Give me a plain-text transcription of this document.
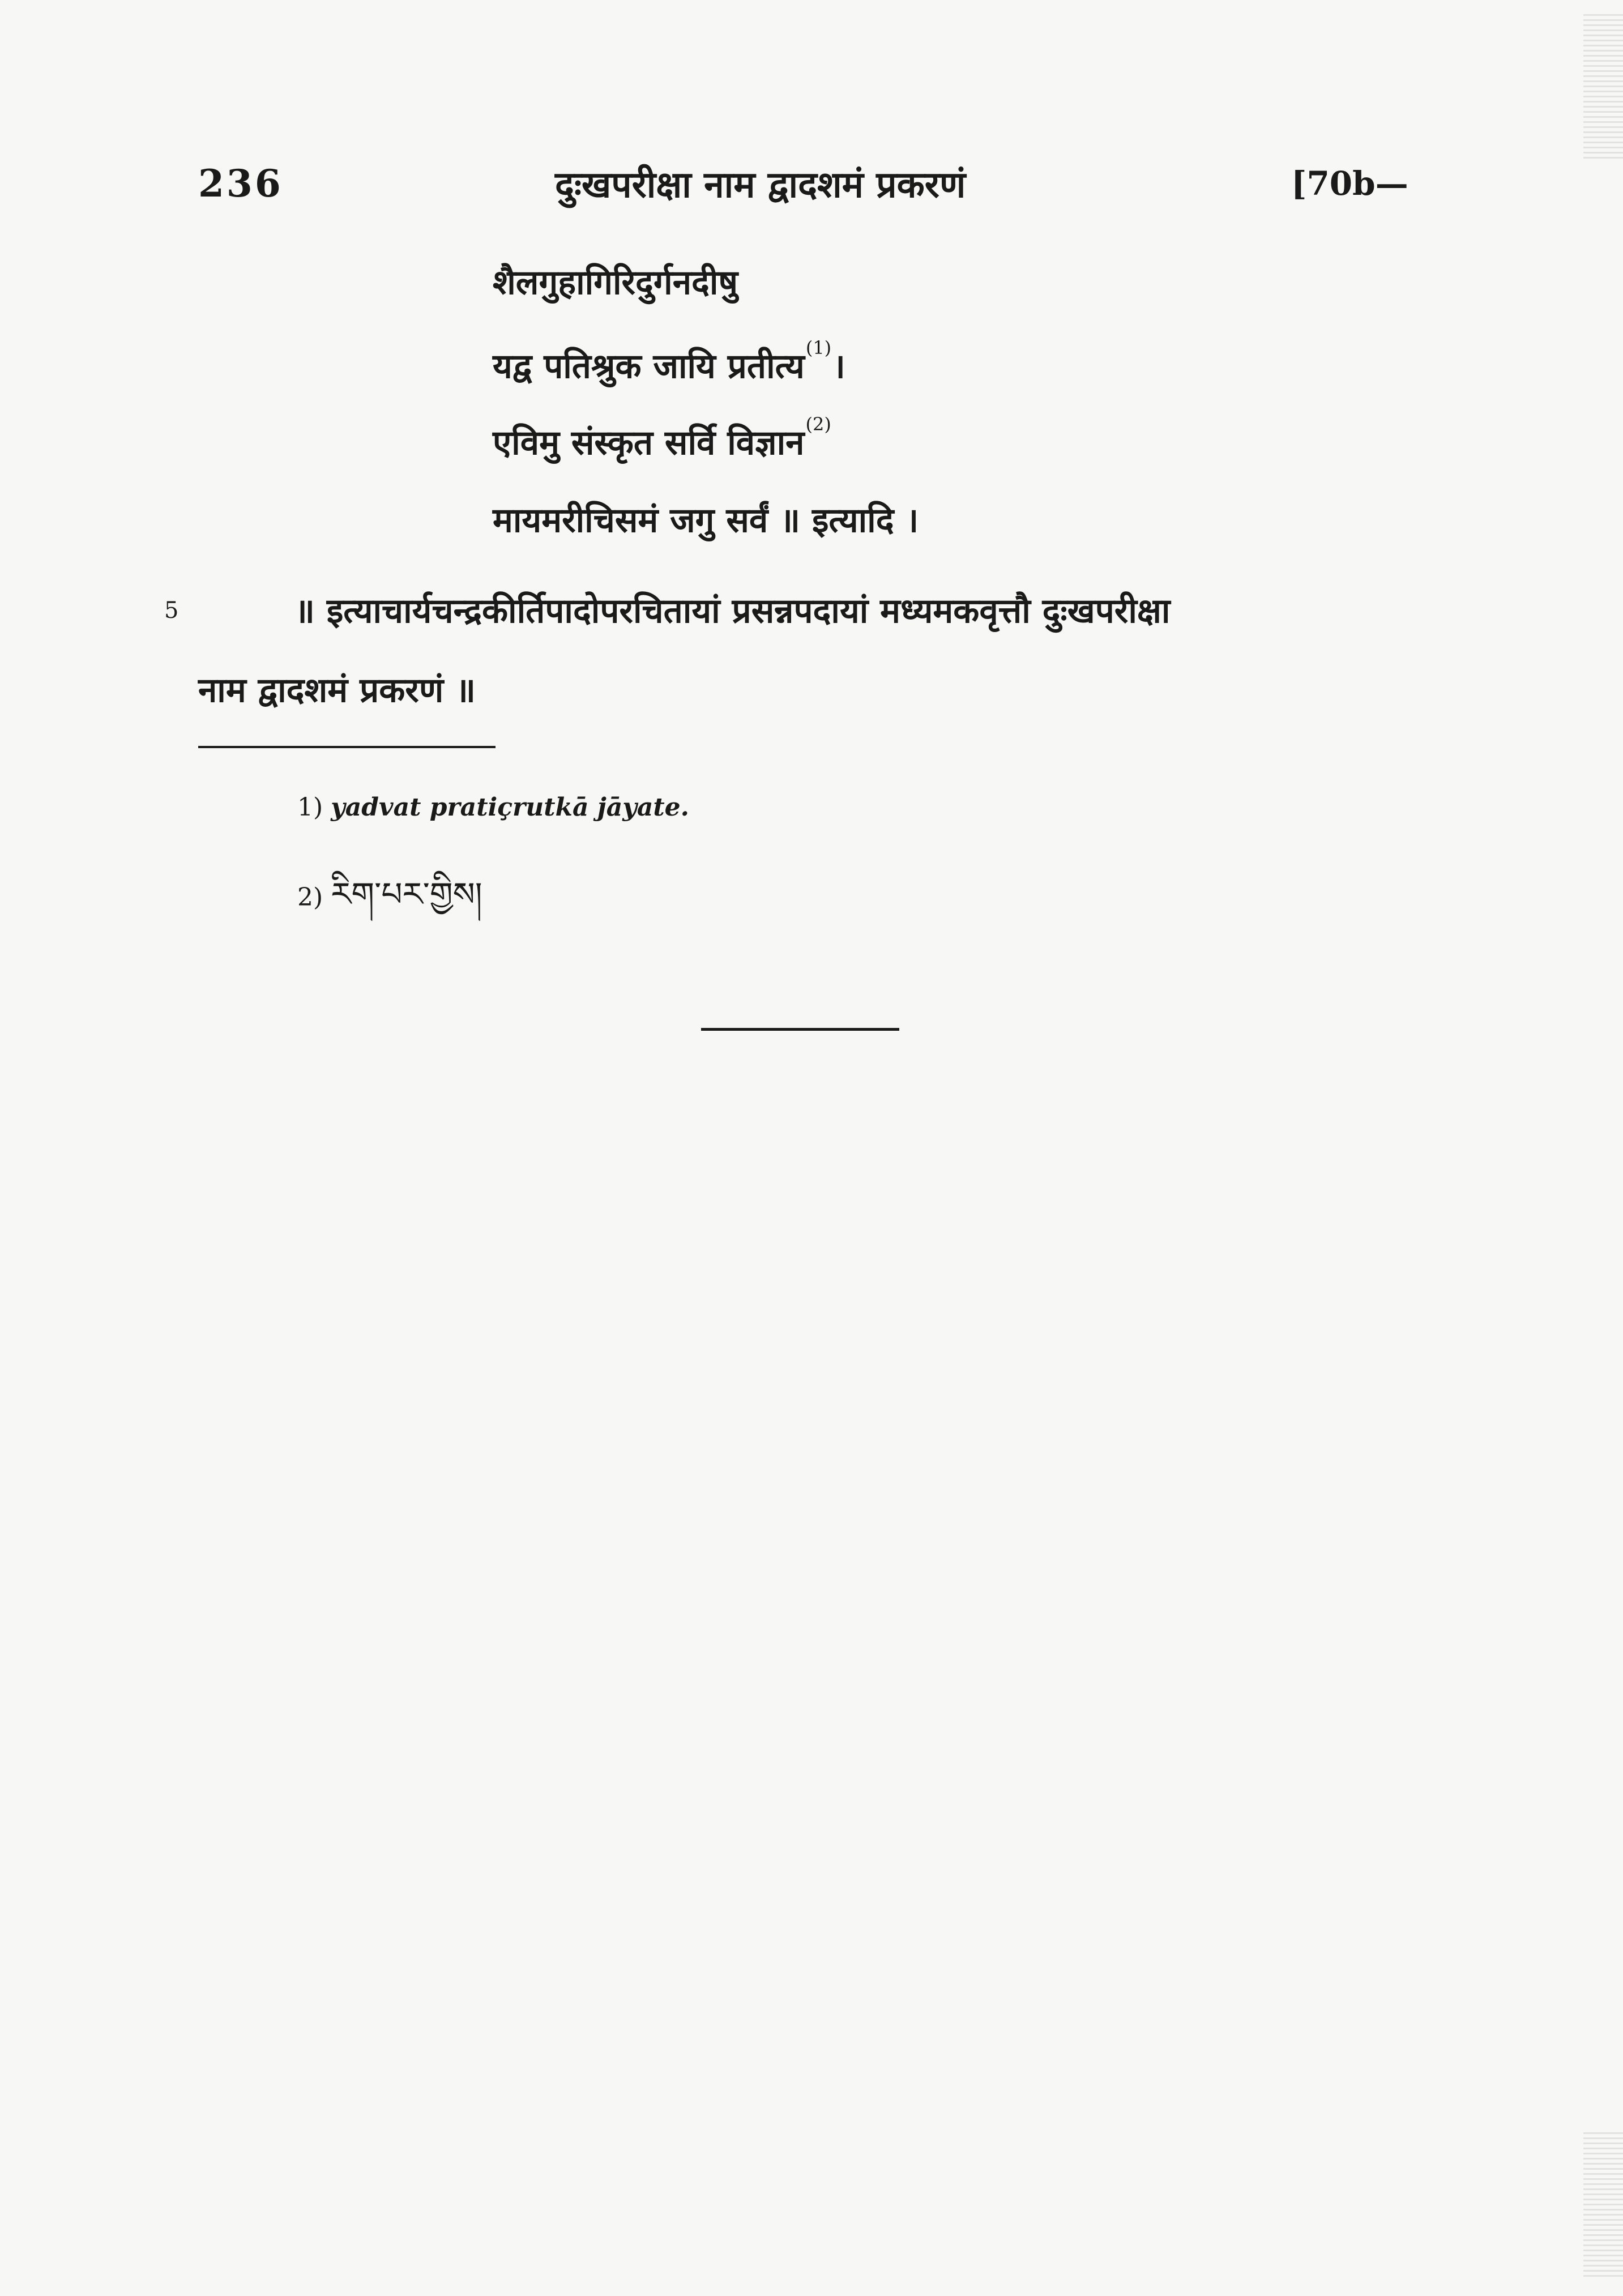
236	दुःखपरीक्षा नाम द्वादशमं प्रकरणं	[70b—
शैलगुहागिरिदुर्गनदीषु
यद्व पतिश्रुक जायि प्रतीत्य$^{(1)}$।
एविमु संस्कृत सर्वि विज्ञान$^{(2)}$
मायमरीचिसमं जगु सर्वं ॥ इत्यादि ।
5	॥ इत्याचार्यचन्द्रकीर्तिपादोपरचितायां प्रसन्नपदायां मध्यमकवृत्तौ दुःखपरीक्षा
नाम द्वादशमं प्रकरणं ॥
1) yadvat pratiçrutkā jāyate.
2) རིག་པར་གྱིས།
